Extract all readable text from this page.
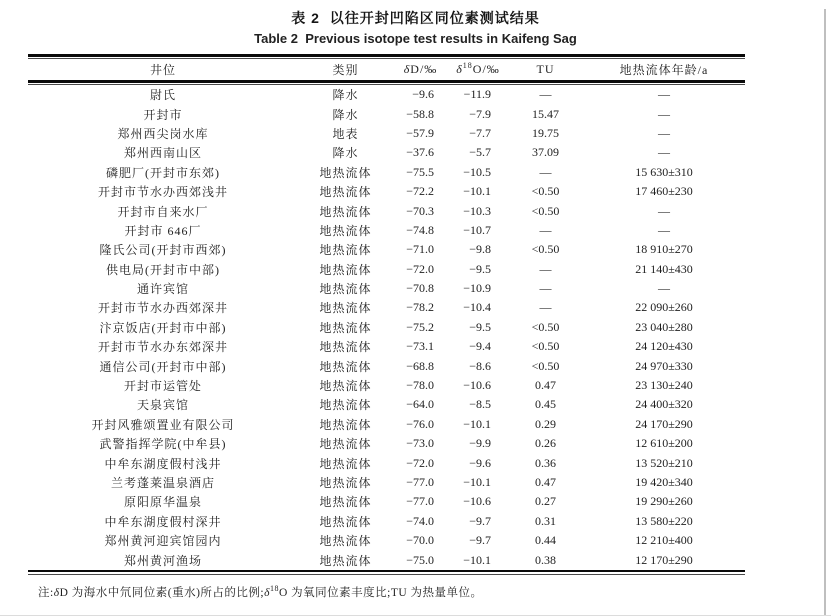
表 2  以往开封凹陷区同位素测试结果
Table 2  Previous isotope test results in Kaifeng Sag
井位	类别	δD/‰	$\delta^{18}O/‰$	TU	地热流体年龄/a
尉氏	降水	−9.6	−11.9	—	—
开封市	降水	−58.8	−7.9	15.47	—
郑州西尖岗水库	地表	−57.9	−7.7	19.75	—
郑州西南山区	降水	−37.6	−5.7	37.09	—
磷肥厂(开封市东郊)	地热流体	−75.5	−10.5	—	15 630±310
开封市节水办西郊浅井	地热流体	−72.2	−10.1	<0.50	17 460±230
开封市自来水厂	地热流体	−70.3	−10.3	<0.50	—
开封市 646厂	地热流体	−74.8	−10.7	—	—
隆氏公司(开封市西郊)	地热流体	−71.0	−9.8	<0.50	18 910±270
供电局(开封市中部)	地热流体	−72.0	−9.5	—	21 140±430
通许宾馆	地热流体	−70.8	−10.9	—	—
开封市节水办西郊深井	地热流体	−78.2	−10.4	—	22 090±260
汴京饭店(开封市中部)	地热流体	−75.2	−9.5	<0.50	23 040±280
开封市节水办东郊深井	地热流体	−73.1	−9.4	<0.50	24 120±430
通信公司(开封市中部)	地热流体	−68.8	−8.6	<0.50	24 970±330
开封市运管处	地热流体	−78.0	−10.6	0.47	23 130±240
天泉宾馆	地热流体	−64.0	−8.5	0.45	24 400±320
开封风雅颂置业有限公司	地热流体	−76.0	−10.1	0.29	24 170±290
武警指挥学院(中牟县)	地热流体	−73.0	−9.9	0.26	12 610±200
中牟东湖度假村浅井	地热流体	−72.0	−9.6	0.36	13 520±210
兰考蓬莱温泉酒店	地热流体	−77.0	−10.1	0.47	19 420±340
原阳原华温泉	地热流体	−77.0	−10.6	0.27	19 290±260
中牟东湖度假村深井	地热流体	−74.0	−9.7	0.31	13 580±220
郑州黄河迎宾馆园内	地热流体	−70.0	−9.7	0.44	12 210±400
郑州黄河渔场	地热流体	−75.0	−10.1	0.38	12 170±290
注:δD 为海水中氘同位素(重水)所占的比例$;\delta^{18}O$ 为氧同位素丰度比;TU 为热量单位。
